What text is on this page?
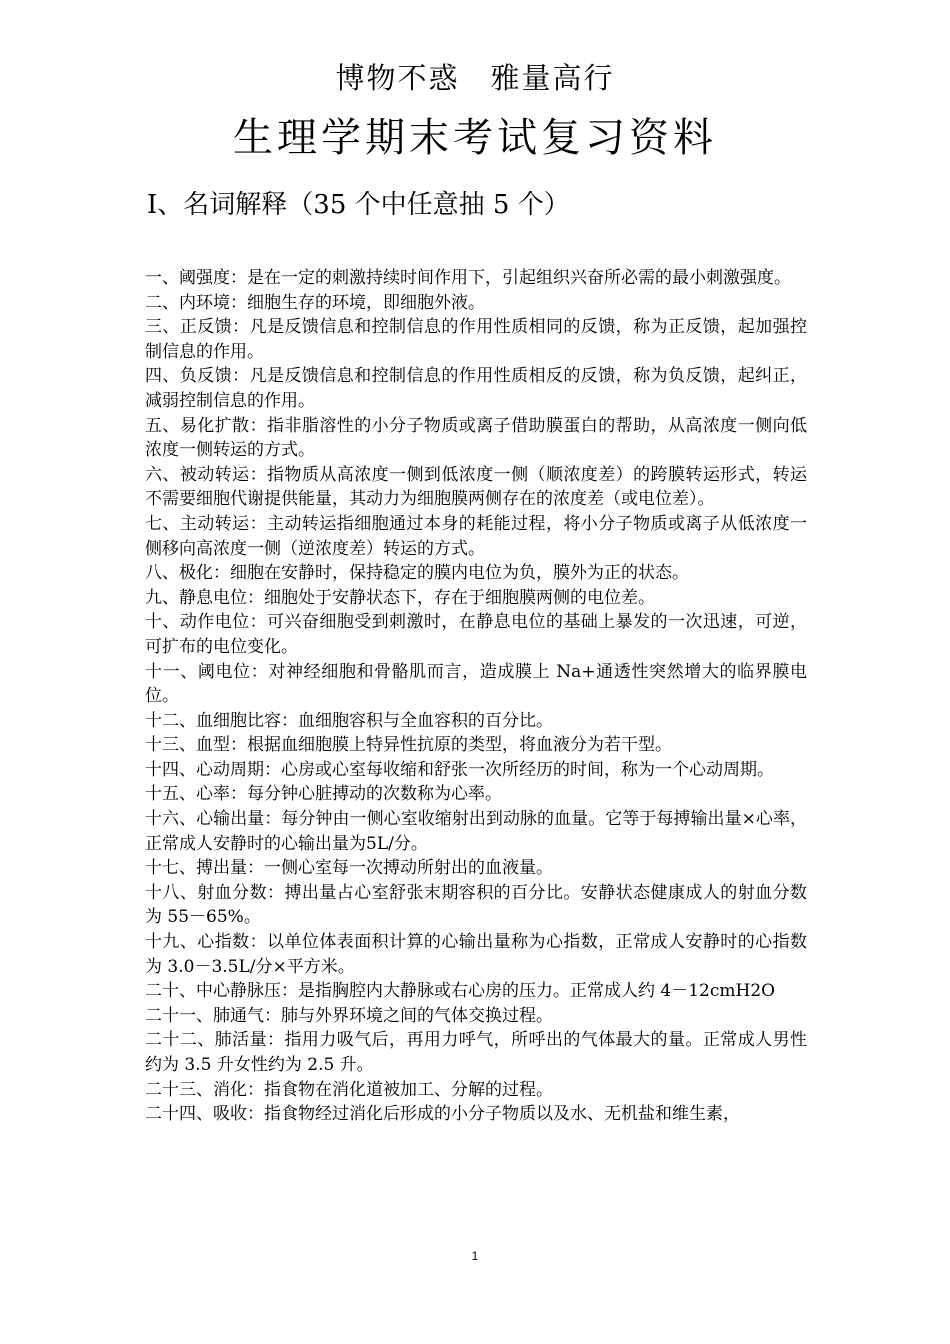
博物不惑　雅量高行
生理学期末考试复习资料
Ⅰ、名词解释（35 个中任意抽 5 个）

一、阈强度：是在一定的刺激持续时间作用下，引起组织兴奋所必需的最小刺激强度。

二、内环境：细胞生存的环境，即细胞外液。

三、正反馈：凡是反馈信息和控制信息的作用性质相同的反馈，称为正反馈，起加强控制信息的作用。

四、负反馈：凡是反馈信息和控制信息的作用性质相反的反馈，称为负反馈，起纠正，减弱控制信息的作用。

五、易化扩散：指非脂溶性的小分子物质或离子借助膜蛋白的帮助，从高浓度一侧向低浓度一侧转运的方式。

六、被动转运：指物质从高浓度一侧到低浓度一侧（顺浓度差）的跨膜转运形式，转运不需要细胞代谢提供能量，其动力为细胞膜两侧存在的浓度差（或电位差）。

七、主动转运：主动转运指细胞通过本身的耗能过程，将小分子物质或离子从低浓度一侧移向高浓度一侧（逆浓度差）转运的方式。

八、极化：细胞在安静时，保持稳定的膜内电位为负，膜外为正的状态。

九、静息电位：细胞处于安静状态下，存在于细胞膜两侧的电位差。

十、动作电位：可兴奋细胞受到刺激时，在静息电位的基础上暴发的一次迅速，可逆，可扩布的电位变化。

十一、阈电位：对神经细胞和骨骼肌而言，造成膜上 Na+通透性突然增大的临界膜电位。

十二、血细胞比容：血细胞容积与全血容积的百分比。

十三、血型：根据血细胞膜上特异性抗原的类型，将血液分为若干型。

十四、心动周期：心房或心室每收缩和舒张一次所经历的时间，称为一个心动周期。

十五、心率：每分钟心脏搏动的次数称为心率。

十六、心输出量：每分钟由一侧心室收缩射出到动脉的血量。它等于每搏输出量×心率，正常成人安静时的心输出量为5L/分。

十七、搏出量：一侧心室每一次搏动所射出的血液量。

十八、射血分数：搏出量占心室舒张末期容积的百分比。安静状态健康成人的射血分数为 55－65%。

十九、心指数：以单位体表面积计算的心输出量称为心指数，正常成人安静时的心指数为 3.0－3.5L/分×平方米。

二十、中心静脉压：是指胸腔内大静脉或右心房的压力。正常成人约 4－12cmH2O

二十一、肺通气：肺与外界环境之间的气体交换过程。

二十二、肺活量：指用力吸气后，再用力呼气，所呼出的气体最大的量。正常成人男性约为 3.5 升女性约为 2.5 升。

二十三、消化：指食物在消化道被加工、分解的过程。

二十四、吸收：指食物经过消化后形成的小分子物质以及水、无机盐和维生素，

1
